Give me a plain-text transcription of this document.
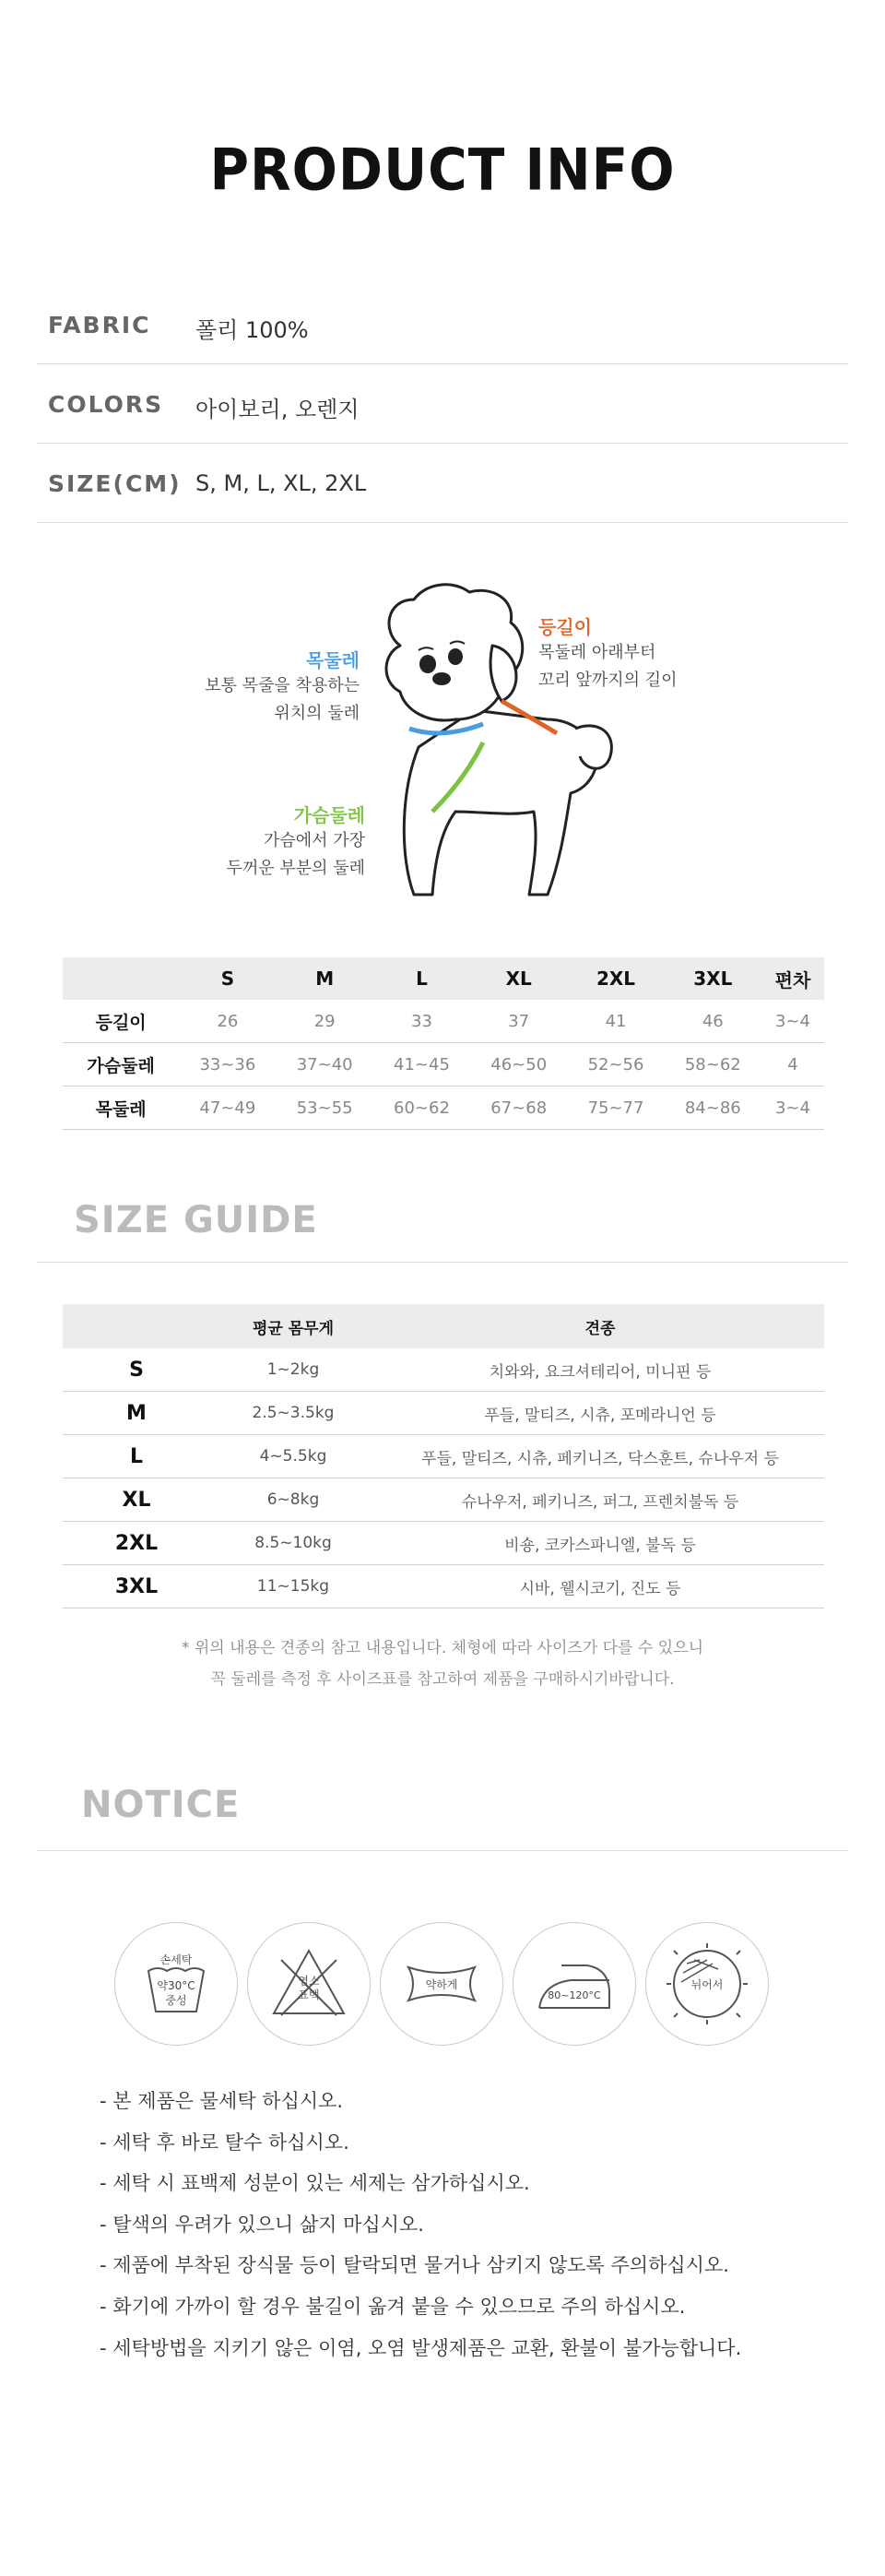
PRODUCT INFO
FABRIC 폴리 100%
COLORS 아이보리, 오렌지
SIZE(CM) S, M, L, XL, 2XL
목둘레
보통 목줄을 착용하는
위치의 둘레
등길이
목둘레 아래부터
꼬리 앞까지의 길이
가슴둘레
가슴에서 가장
두꺼운 부분의 둘레
	S	M	L	XL	2XL	3XL	편차
등길이	26	29	33	37	41	46	3~4
가슴둘레	33~36	37~40	41~45	46~50	52~56	58~62	4
목둘레	47~49	53~55	60~62	67~68	75~77	84~86	3~4
SIZE GUIDE
	평균 몸무게	견종
S	1~2kg	치와와, 요크셔테리어, 미니핀 등
M	2.5~3.5kg	푸들, 말티즈, 시츄, 포메라니언 등
L	4~5.5kg	푸들, 말티즈, 시츄, 페키니즈, 닥스훈트, 슈나우저 등
XL	6~8kg	슈나우저, 페키니즈, 퍼그, 프렌치불독 등
2XL	8.5~10kg	비숑, 코카스파니엘, 불독 등
3XL	11~15kg	시바, 웰시코기, 진도 등
* 위의 내용은 견종의 참고 내용입니다. 체형에 따라 사이즈가 다를 수 있으니
꼭 둘레를 측정 후 사이즈표를 참고하여 제품을 구매하시기바랍니다.
NOTICE
손세탁
약30°C
중성
염소
표백
약하게
80~120°C
뉘어서
- 본 제품은 물세탁 하십시오.
- 세탁 후 바로 탈수 하십시오.
- 세탁 시 표백제 성분이 있는 세제는 삼가하십시오.
- 탈색의 우려가 있으니 삶지 마십시오.
- 제품에 부착된 장식물 등이 탈락되면 물거나 삼키지 않도록 주의하십시오.
- 화기에 가까이 할 경우 불길이 옮겨 붙을 수 있으므로 주의 하십시오.
- 세탁방법을 지키기 않은 이염, 오염 발생제품은 교환, 환불이 불가능합니다.
